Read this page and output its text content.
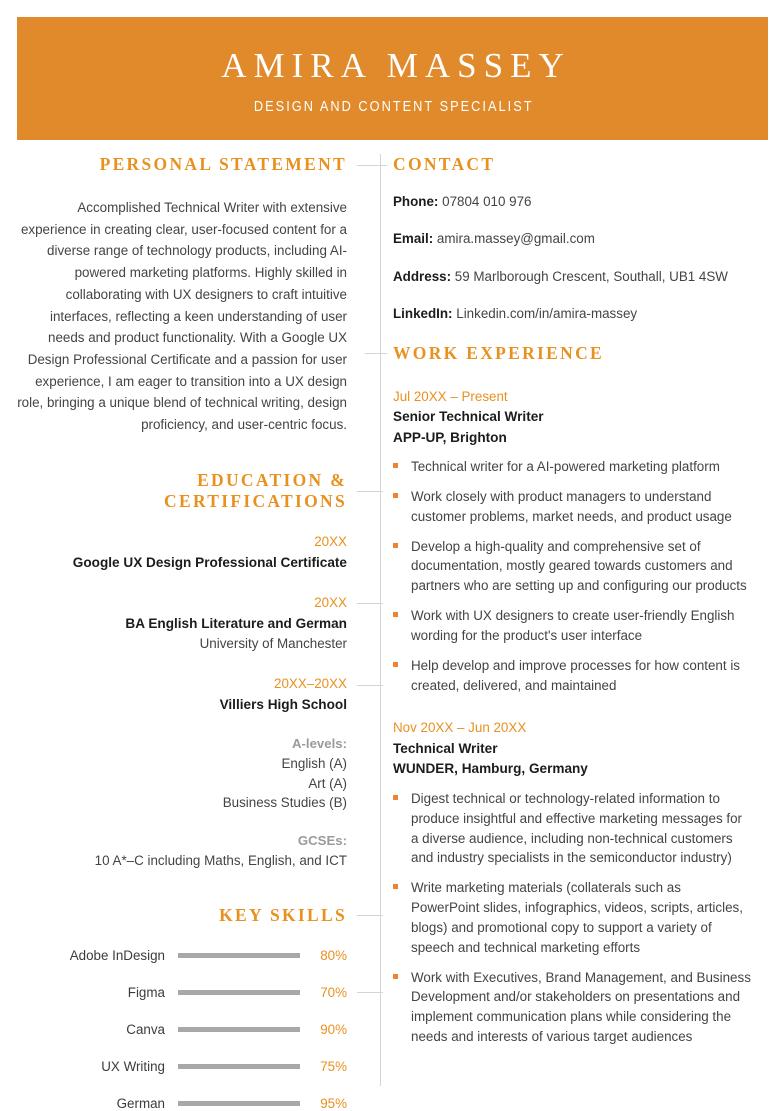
AMIRA MASSEY
DESIGN AND CONTENT SPECIALIST
PERSONAL STATEMENT
Accomplished Technical Writer with extensive experience in creating clear, user-focused content for a diverse range of technology products, including AI-powered marketing platforms. Highly skilled in collaborating with UX designers to craft intuitive interfaces, reflecting a keen understanding of user needs and product functionality. With a Google UX Design Professional Certificate and a passion for user experience, I am eager to transition into a UX design role, bringing a unique blend of technical writing, design proficiency, and user-centric focus.
EDUCATION & CERTIFICATIONS
20XX
Google UX Design Professional Certificate
20XX
BA English Literature and German
University of Manchester
20XX–20XX
Villiers High School
A-levels:
English (A)
Art (A)
Business Studies (B)
GCSEs:
10 A*–C including Maths, English, and ICT
KEY SKILLS
Adobe InDesign	80%
Figma	70%
Canva	90%
UX Writing	75%
German	95%
CONTACT
Phone: 07804 010 976
Email: amira.massey@gmail.com
Address: 59 Marlborough Crescent, Southall, UB1 4SW
LinkedIn: Linkedin.com/in/amira-massey
WORK EXPERIENCE
Jul 20XX – Present
Senior Technical Writer
APP-UP, Brighton
Technical writer for a AI-powered marketing platform
Work closely with product managers to understand customer problems, market needs, and product usage
Develop a high-quality and comprehensive set of documentation, mostly geared towards customers and partners who are setting up and configuring our products
Work with UX designers to create user-friendly English wording for the product's user interface
Help develop and improve processes for how content is created, delivered, and maintained
Nov 20XX – Jun 20XX
Technical Writer
WUNDER, Hamburg, Germany
Digest technical or technology-related information to produce insightful and effective marketing messages for a diverse audience, including non-technical customers and industry specialists in the semiconductor industry)
Write marketing materials (collaterals such as PowerPoint slides, infographics, videos, scripts, articles, blogs) and promotional copy to support a variety of speech and technical marketing efforts
Work with Executives, Brand Management, and Business Development and/or stakeholders on presentations and implement communication plans while considering the needs and interests of various target audiences
